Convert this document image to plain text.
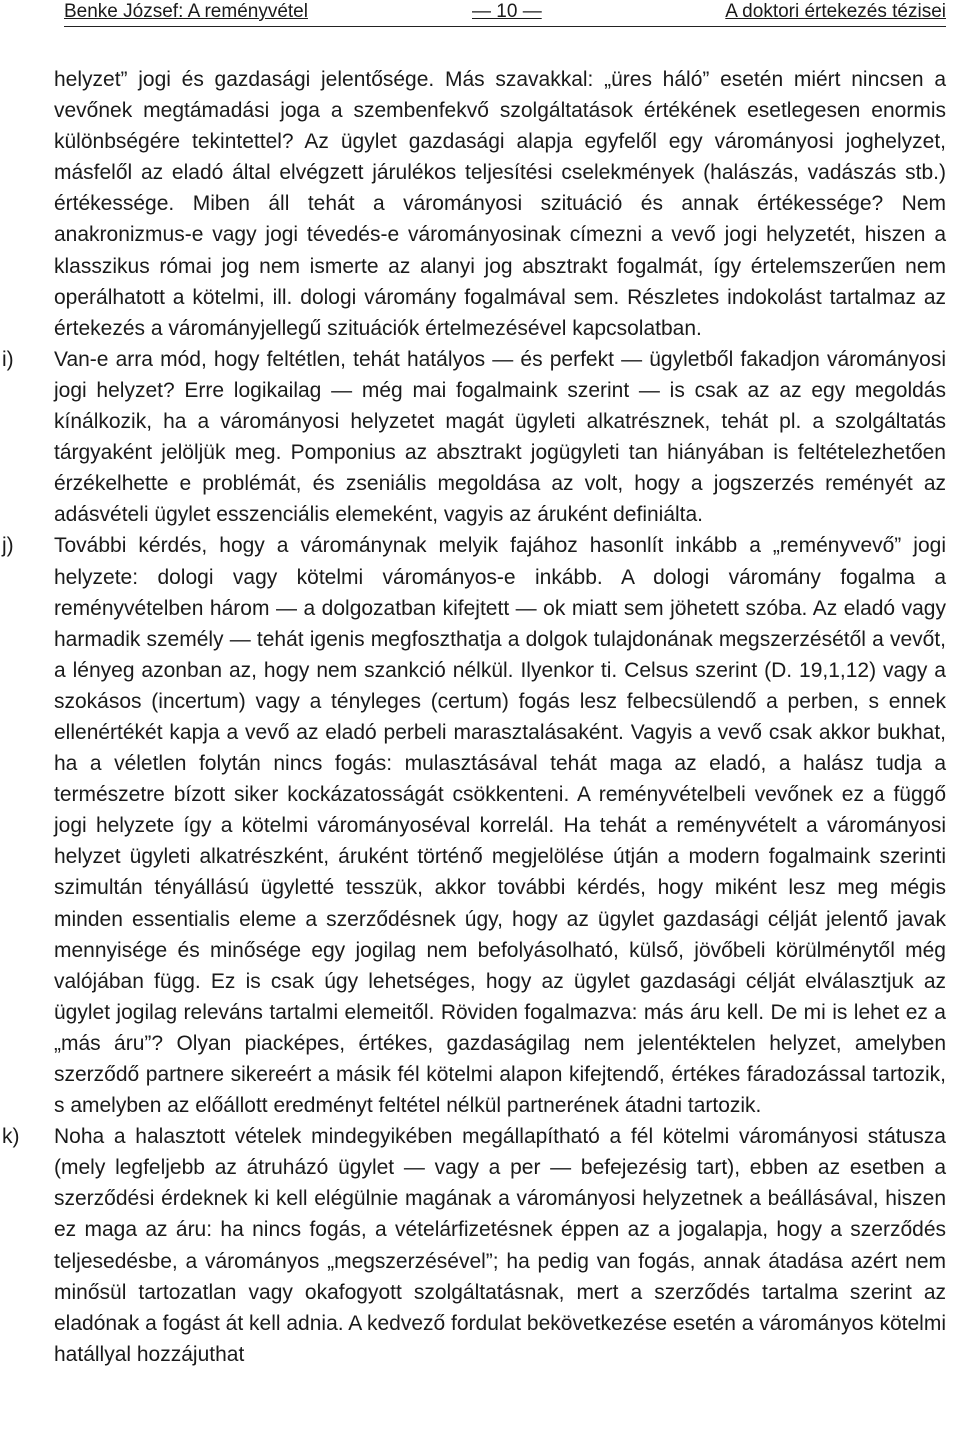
Benke József: A reményvétel	— 10 —	A doktori értekezés tézisei

helyzet” jogi és gazdasági jelentősége. Más szavakkal: „üres háló” esetén miért nincsen a vevőnek megtámadási joga a szembenfekvő szolgáltatások értékének esetlegesen enormis különbségére tekintettel? Az ügylet gazdasági alapja egyfelől egy várományosi joghelyzet, másfelől az eladó által elvégzett járulékos teljesítési cselekmények (halászás, vadászás stb.) értékessége. Miben áll tehát a várományosi szituáció és annak értékessége? Nem anakronizmus-e vagy jogi tévedés-e várományosinak címezni a vevő jogi helyzetét, hiszen a klasszikus római jog nem ismerte az alanyi jog absztrakt fogalmát, így értelemszerűen nem operálhatott a kötelmi, ill. dologi váromány fogalmával sem. Részletes indokolást tartalmaz az értekezés a várományjellegű szituációk értelmezésével kapcsolatban.

i) Van-e arra mód, hogy feltétlen, tehát hatályos — és perfekt — ügyletből fakadjon várományosi jogi helyzet? Erre logikailag — még mai fogalmaink szerint — is csak az az egy megoldás kínálkozik, ha a várományosi helyzetet magát ügyleti alkatrésznek, tehát pl. a szolgáltatás tárgyaként jelöljük meg. Pomponius az absztrakt jogügyleti tan hiányában is feltételezhetően érzékelhette e problémát, és zseniális megoldása az volt, hogy a jogszerzés reményét az adásvételi ügylet esszenciális elemeként, vagyis az áruként definiálta.
j) További kérdés, hogy a várománynak melyik fajához hasonlít inkább a „reményvevő” jogi helyzete: dologi vagy kötelmi várományos-e inkább. A dologi váromány fogalma a reményvételben három — a dolgozatban kifejtett — ok miatt sem jöhetett szóba. Az eladó vagy harmadik személy — tehát igenis megfoszthatja a dolgok tulajdonának megszerzésétől a vevőt, a lényeg azonban az, hogy nem szankció nélkül. Ilyenkor ti. Celsus szerint (D. 19,1,12) vagy a szokásos (incertum) vagy a tényleges (certum) fogás lesz felbecsülendő a perben, s ennek ellenértékét kapja a vevő az eladó perbeli marasztalásaként. Vagyis a vevő csak akkor bukhat, ha a véletlen folytán nincs fogás: mulasztásával tehát maga az eladó, a halász tudja a természetre bízott siker kockázatosságát csökkenteni. A reményvételbeli vevőnek ez a függő jogi helyzete így a kötelmi várományoséval korrelál. Ha tehát a reményvételt a várományosi helyzet ügyleti alkatrészként, áruként történő megjelölése útján a modern fogalmaink szerinti szimultán tényállású ügyletté tesszük, akkor további kérdés, hogy miként lesz meg mégis minden essentialis eleme a szerződésnek úgy, hogy az ügylet gazdasági célját jelentő javak mennyisége és minősége egy jogilag nem befolyásolható, külső, jövőbeli körülménytől még valójában függ. Ez is csak úgy lehetséges, hogy az ügylet gazdasági célját elválasztjuk az ügylet jogilag releváns tartalmi elemeitől. Röviden fogalmazva: más áru kell. De mi is lehet ez a „más áru”? Olyan piacképes, értékes, gazdaságilag nem jelentéktelen helyzet, amelyben szerződő partnere sikereért a másik fél kötelmi alapon kifejtendő, értékes fáradozással tartozik, s amelyben az előállott eredményt feltétel nélkül partnerének átadni tartozik.
k) Noha a halasztott vételek mindegyikében megállapítható a fél kötelmi várományosi státusza (mely legfeljebb az átruházó ügylet — vagy a per — befejezésig tart), ebben az esetben a szerződési érdeknek ki kell elégülnie magának a várományosi helyzetnek a beállásával, hiszen ez maga az áru: ha nincs fogás, a vételárfizetésnek éppen az a jogalapja, hogy a szerződés teljesedésbe, a várományos „megszerzésével”; ha pedig van fogás, annak átadása azért nem minősül tartozatlan vagy okafogyott szolgáltatásnak, mert a szerződés tartalma szerint az eladónak a fogást át kell adnia. A kedvező fordulat bekövetkezése esetén a várományos kötelmi hatállyal hozzájuthat
